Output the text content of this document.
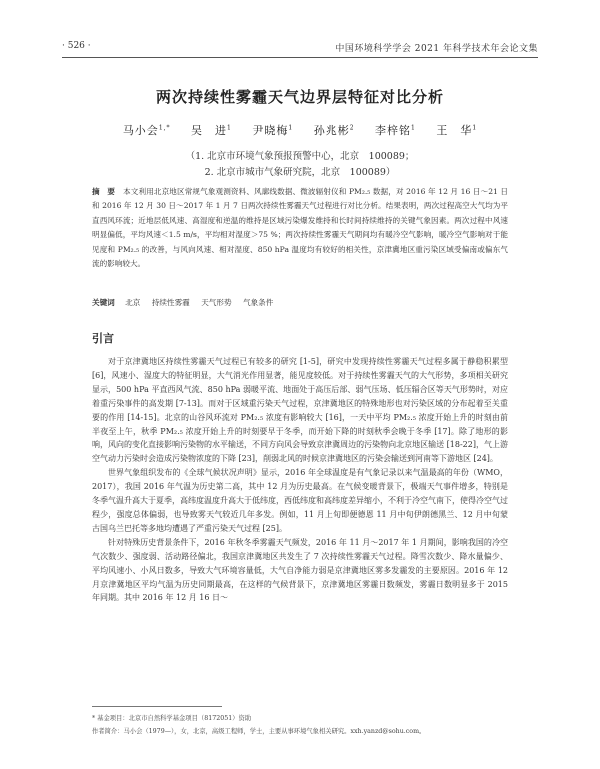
· 526 ·	中国环境科学学会 2021 年科学技术年会论文集
两次持续性雾霾天气边界层特征对比分析
马小会$^{1,*}$ 吴　进$^1$ 尹晓梅$^1$ 孙兆彬$^2$ 李梓铭$^1$ 王　华$^1$
（1. 北京市环境气象预报预警中心，北京　100089；
2. 北京市城市气象研究院，北京　100089）
摘　要 本文利用北京地区常规气象观测资料、风廓线数据、微波辐射仪和 PM₂.₅ 数据，对 2016 年 12 月 16 日～21 日和 2016 年 12 月 30 日～2017 年 1 月 7 日两次持续性雾霾天气过程进行对比分析。结果表明，两次过程高空大气均为平直西风环流；近地层低风速、高湿度和逆温的维持是区域污染爆发维持和长时间持续维持的关键气象因素。两次过程中风速明显偏低，平均风速＜1.5 m/s，平均相对湿度＞75 %；两次持续性雾霾天气期间均有暖冷空气影响，暖冷空气影响对于能见度和 PM₂.₅ 的改善，与风向风速、相对湿度、850 hPa 温度均有较好的相关性，京津冀地区重污染区域受偏南或偏东气流的影响较大。
关键词 北京 持续性雾霾 天气形势 气象条件
引言

对于京津冀地区持续性雾霾天气过程已有较多的研究 [1-5]，研究中发现持续性雾霾天气过程多属于静稳积累型 [6]，风速小、湿度大的特征明显，大气消光作用显著，能见度较低。对于持续性雾霾天气的大气形势，多项相关研究显示，500 hPa 平直西风气流、850 hPa 弱暖平流、地面处于高压后部、弱气压场、低压辐合区等天气形势时，对应着重污染事件的高发期 [7-13]。而对于区域重污染天气过程，京津冀地区的特殊地形也对污染区域的分布起着至关重要的作用 [14-15]。北京的山谷风环流对 PM₂.₅ 浓度有影响较大 [16]，一天中平均 PM₂.₅ 浓度开始上升的时刻由前半夜至上午，秋季 PM₂.₅ 浓度开始上升的时刻要早于冬季，而开始下降的时刻秋季会晚于冬季 [17]。除了地形的影响，风向的变化直接影响污染物的水平输送，不同方向风会导致京津冀周边的污染物向北京地区输送 [18-22]，气上游空气动力污染时会造成污染物浓度的下降 [23]，削弱北风的时候京津冀地区的污染会输送到河南等下游地区 [24]。

世界气象组织发布的《全球气候状况声明》显示，2016 年全球温度是有气象记录以来气温最高的年份（WMO，2017），我国 2016 年气温为历史第二高，其中 12 月为历史最高。在气候变暖背景下，极端天气事件增多，特别是冬季气温升高大于夏季，高纬度温度升高大于低纬度，西低纬度和高纬度差异缩小，不利于冷空气南下，使得冷空气过程少，强度总体偏弱，也导致雾天气较近几年多发。例如，11 月上旬即便德恩 11 月中旬伊朗德黑兰、12 月中旬蒙古国乌兰巴托等多地均遭遇了严重污染天气过程 [25]。

针对特殊历史背景条件下，2016 年秋冬季雾霾天气频发，2016 年 11 月～2017 年 1 月期间，影响我国的冷空气次数少、强度弱、活动路径偏北，我国京津冀地区共发生了 7 次持续性雾霾天气过程。降雪次数少、降水量偏少、平均风速小、小风日数多，导致大气环境容量低，大气自净能力弱是京津冀地区雾多发霾发的主要原因。2016 年 12 月京津冀地区平均气温为历史同期最高，在这样的气候背景下，京津冀地区雾霾日数频发，雾霾日数明显多于 2015 年同期。其中 2016 年 12 月 16 日～

* 基金项目：北京市自然科学基金项目（8172051）资助
作者简介：马小会（1979—），女，北京，高级工程师，学士，主要从事环境气象相关研究。xxh.yanzd@sohu.com。
